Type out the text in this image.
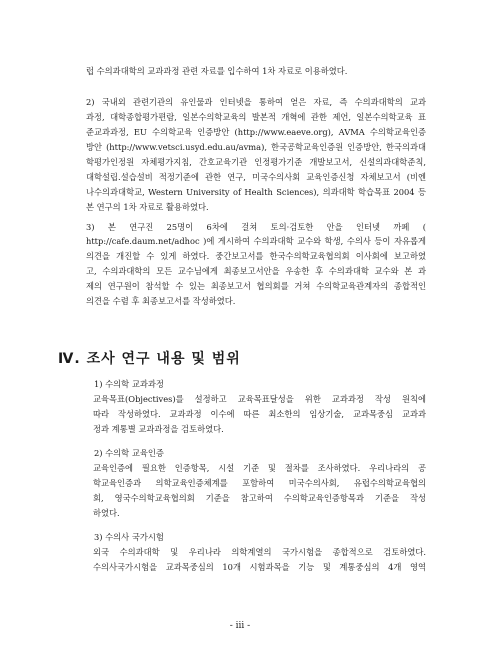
럽 수의과대학의 교과과정 관련 자료를 입수하여 1차 자료로 이용하였다.
2) 국내외 관련기관의 유인물과 인터넷을 통하여 얻은 자료, 즉 수의과대학의 교과
과정, 대학종합평가편람, 일본수의학교육의 발본적 개혁에 관한 제언, 일본수의학교육 표
준교과과정, EU 수의학교육 인증방안 (http://www.eaeve.org), AVMA 수의학교육인증
방안 (http://www.vetsci.usyd.edu.au/avma), 한국공학교육인증원 인증방안, 한국의과대
학평가인정원 자체평가지침, 간호교육기관 인정평가기준 개발보고서, 신설의과대학준칙,
대학설립.설습설비 적정기준에 관한 연구, 미국수의사회 교육인증신청 자체보고서 (비엔
나수의과대학교, Western University of Health Sciences), 의과대학 학습목표 2004 등
본 연구의 1차 자료로 활용하였다.
3) 본 연구진 25명이 6차에 걸쳐 토의·검토한 안을 인터넷 까페 (
http://cafe.daum.net/adhoc )에 게시하여 수의과대학 교수와 학생, 수의사 등이 자유롭게
의견을 개진할 수 있게 하였다. 중간보고서를 한국수의학교육협의회 이사회에 보고하였
고, 수의과대학의 모든 교수님에게 최종보고서안을 우송한 후 수의과대학 교수와 본 과
제의 연구원이 참석할 수 있는 최종보고서 협의회를 거쳐 수의학교육관계자의 종합적인
의견을 수렴 후 최종보고서를 작성하였다.
Ⅳ. 조사 연구 내용 및 범위
1) 수의학 교과과정
교육목표(Objectives)를 설정하고 교육목표달성을 위한 교과과정 작성 원칙에
따라 작성하였다. 교과과정 이수에 따른 최소한의 임상기술, 교과목중심 교과과
정과 계통별 교과과정을 검토하였다.
2) 수의학 교육인증
교육인증에 필요한 인증항목, 시설 기준 및 절차를 조사하였다. 우리나라의 공
학교육인증과 의학교육인증체계를 포함하여 미국수의사회, 유럽수의학교육협의
회, 영국수의학교육협의회 기준을 참고하여 수의학교육인증항목과 기준을 작성
하였다.
3) 수의사 국가시험
외국 수의과대학 및 우리나라 의학계열의 국가시험을 종합적으로 검토하였다.
수의사국가시험을 교과목중심의 10개 시험과목을 기능 및 계통중심의 4개 영역
- iii -
